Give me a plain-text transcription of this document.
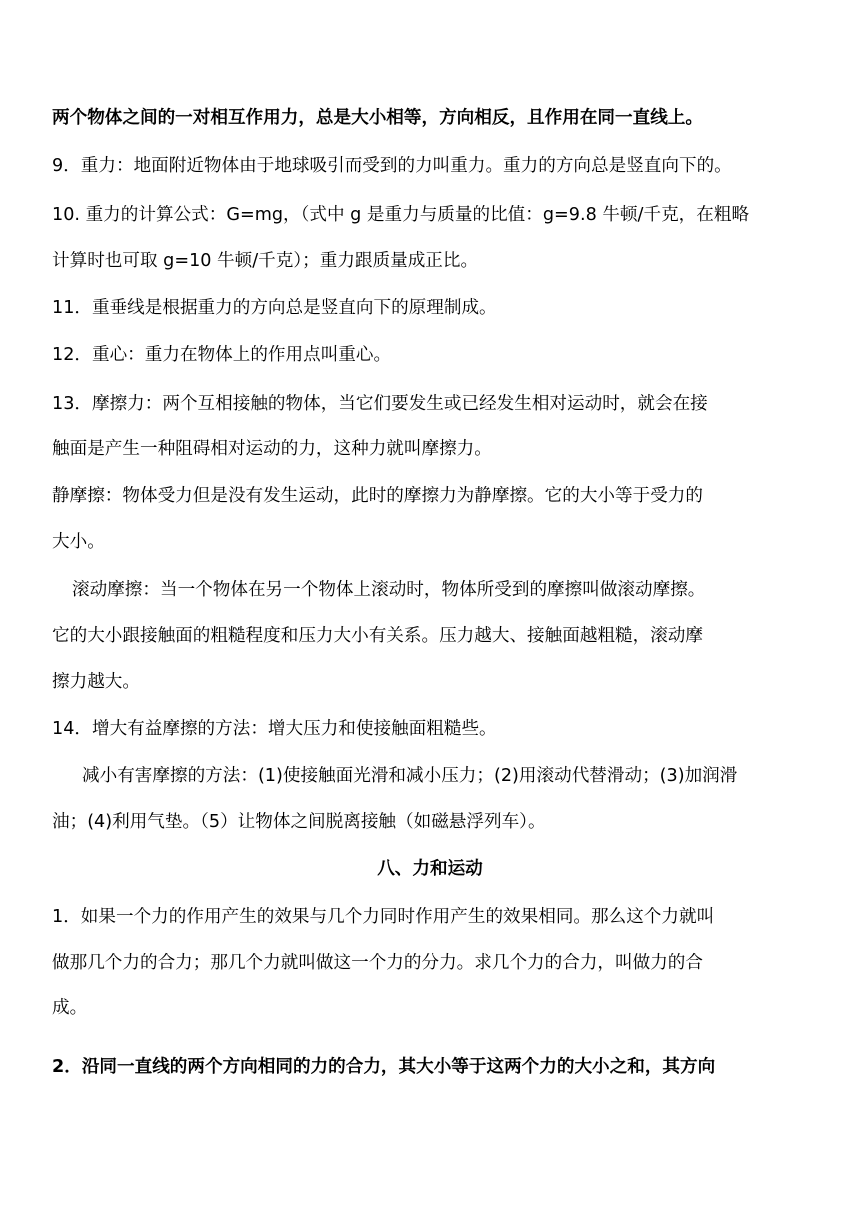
两个物体之间的一对相互作用力，总是大小相等，方向相反，且作用在同一直线上。
9．重力：地面附近物体由于地球吸引而受到的力叫重力。重力的方向总是竖直向下的。
10. 重力的计算公式：G=mg，（式中 g 是重力与质量的比值：g=9.8 牛顿/千克，在粗略
计算时也可取 g=10 牛顿/千克）；重力跟质量成正比。
11．重垂线是根据重力的方向总是竖直向下的原理制成。
12．重心：重力在物体上的作用点叫重心。
13．摩擦力：两个互相接触的物体，当它们要发生或已经发生相对运动时，就会在接
触面是产生一种阻碍相对运动的力，这种力就叫摩擦力。
静摩擦：物体受力但是没有发生运动，此时的摩擦力为静摩擦。它的大小等于受力的
大小。
滚动摩擦：当一个物体在另一个物体上滚动时，物体所受到的摩擦叫做滚动摩擦。
它的大小跟接触面的粗糙程度和压力大小有关系。压力越大、接触面越粗糙，滚动摩
擦力越大。
14．增大有益摩擦的方法：增大压力和使接触面粗糙些。
减小有害摩擦的方法：(1)使接触面光滑和减小压力；(2)用滚动代替滑动；(3)加润滑
油；(4)利用气垫。（5）让物体之间脱离接触（如磁悬浮列车）。
八、力和运动
1．如果一个力的作用产生的效果与几个力同时作用产生的效果相同。那么这个力就叫
做那几个力的合力；那几个力就叫做这一个力的分力。求几个力的合力，叫做力的合
成。
2．沿同一直线的两个方向相同的力的合力，其大小等于这两个力的大小之和，其方向
